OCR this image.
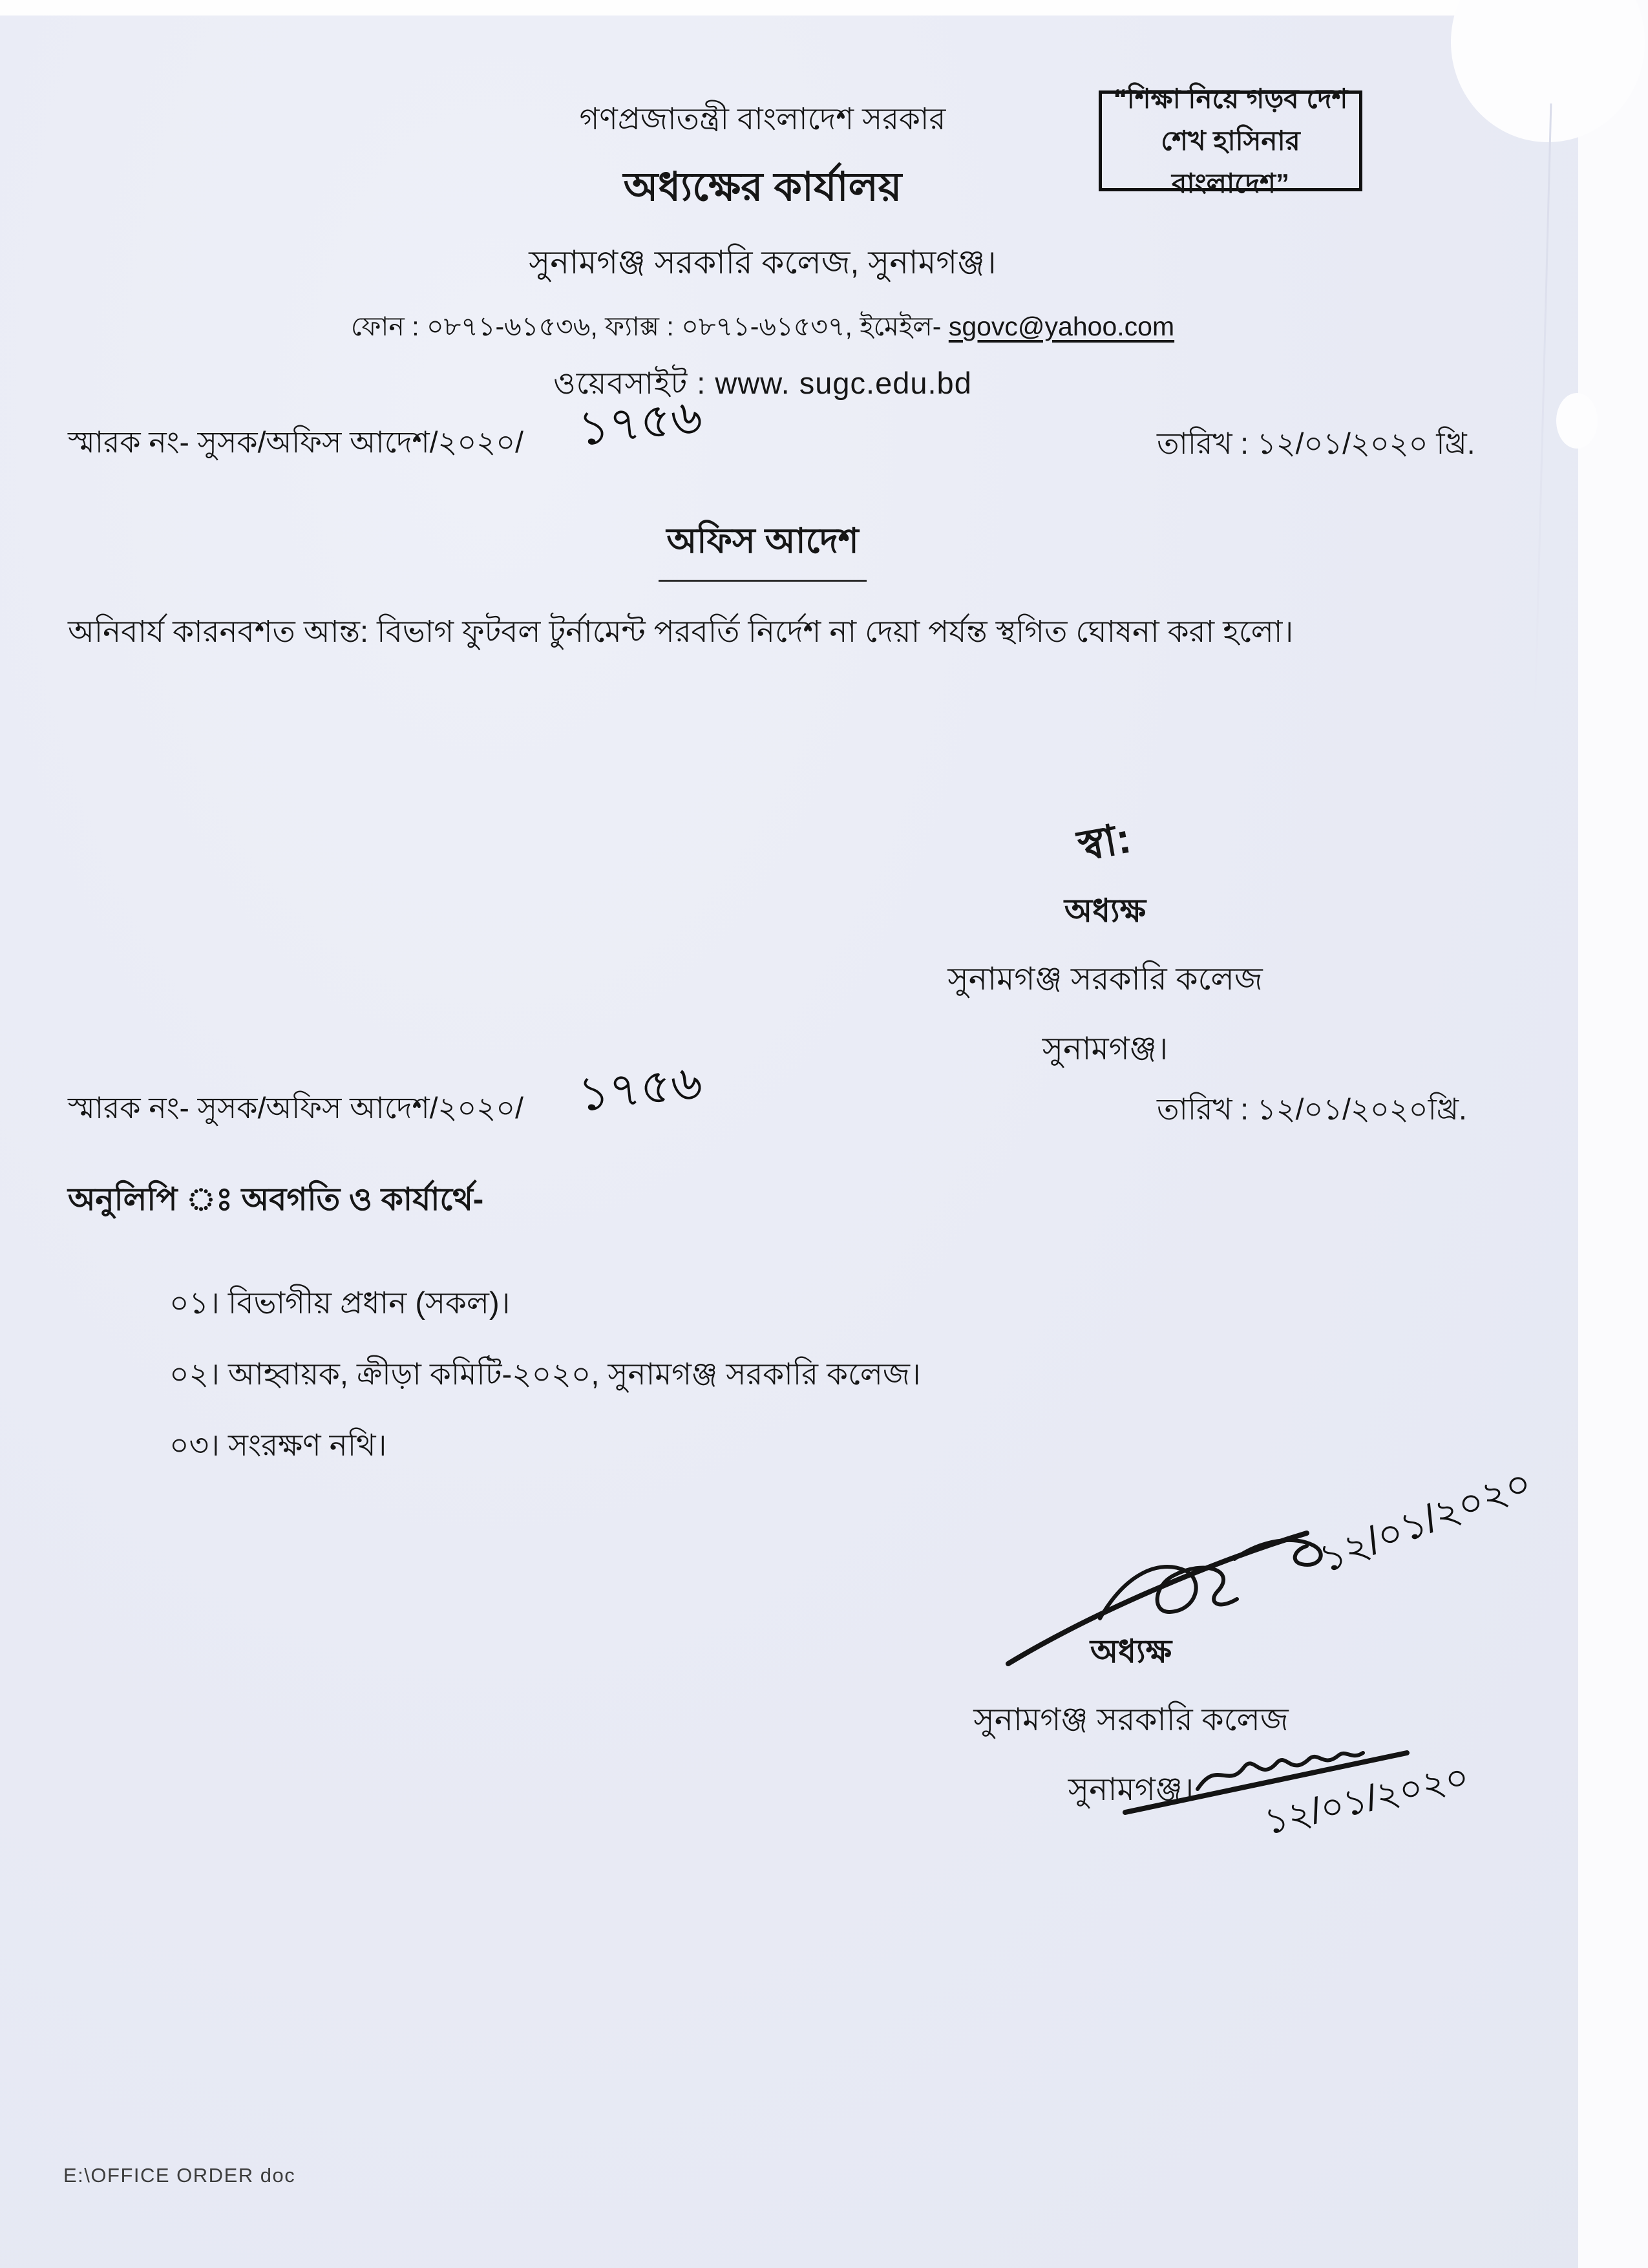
গণপ্রজাতন্ত্রী বাংলাদেশ সরকার
অধ্যক্ষের কার্যালয়
সুনামগঞ্জ সরকারি কলেজ, সুনামগঞ্জ।
ফোন : ০৮৭১-৬১৫৩৬, ফ্যাক্স : ০৮৭১-৬১৫৩৭, ইমেইল- sgovc@yahoo.com
ওয়েবসাইট : www. sugc.edu.bd
“শিক্ষা নিয়ে গড়ব দেশ
শেখ হাসিনার বাংলাদেশ”
স্মারক নং- সুসক/অফিস আদেশ/২০২০/ ১৭৫৬	তারিখ : ১২/০১/২০২০ খ্রি.
অফিস আদেশ
অনিবার্য কারনবশত আন্ত: বিভাগ ফুটবল টুর্নামেন্ট পরবর্তি নির্দেশ না দেয়া পর্যন্ত স্থগিত ঘোষনা করা হলো।
স্বা:
অধ্যক্ষ
সুনামগঞ্জ সরকারি কলেজ
সুনামগঞ্জ।
স্মারক নং- সুসক/অফিস আদেশ/২০২০/ ১৭৫৬	তারিখ : ১২/০১/২০২০খ্রি.
অনুলিপি ঃ অবগতি ও কার্যার্থে-
০১। বিভাগীয় প্রধান (সকল)।
০২। আহ্বায়ক, ক্রীড়া কমিটি-২০২০, সুনামগঞ্জ সরকারি কলেজ।
০৩। সংরক্ষণ নথি।
১২/০১/২০২০
অধ্যক্ষ
সুনামগঞ্জ সরকারি কলেজ
সুনামগঞ্জ।	১২/০১/২০২০
E:\OFFICE ORDER doc
